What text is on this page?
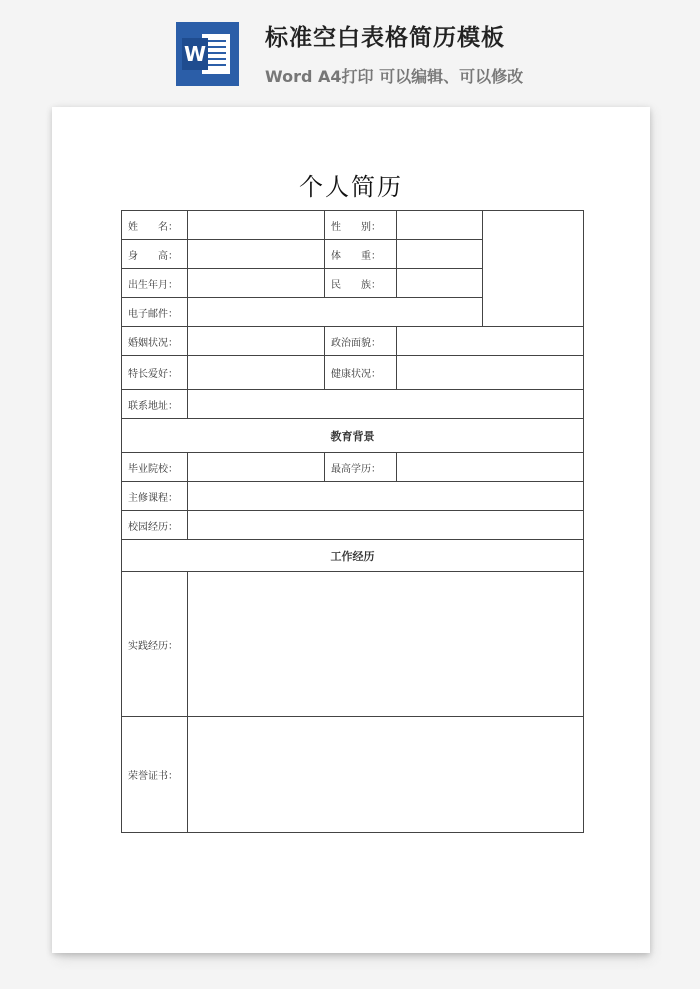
W
标准空白表格简历模板
Word A4打印 可以编辑、可以修改
个人简历
姓　　名：		性　　别：		
身　　高：		体　　重：		
出生年月：		民　　族：		
电子邮件：				
婚姻状况：		政治面貌：		
特长爱好：		健康状况：		
联系地址：				
教育背景				
毕业院校：		最高学历：		
主修课程：				
校园经历：				
工作经历				
实践经历：				
荣誉证书：				
